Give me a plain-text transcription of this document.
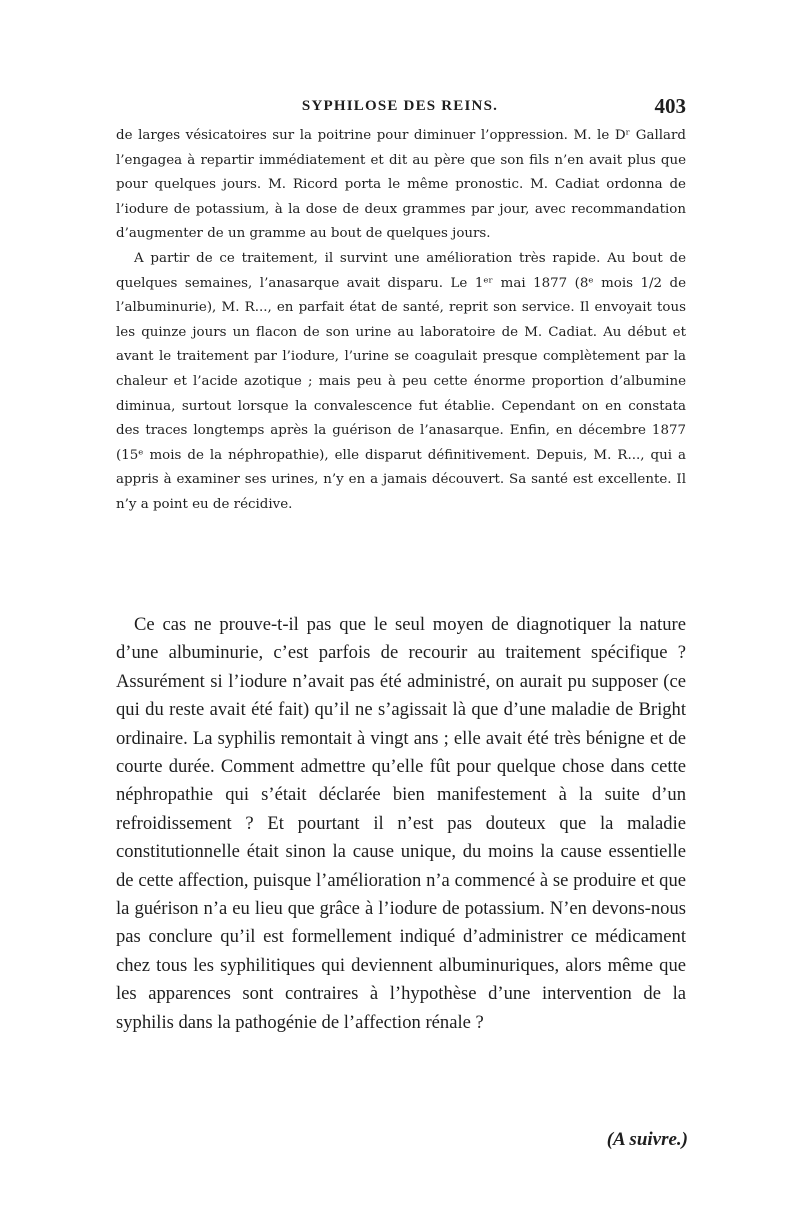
SYPHILOSE DES REINS.	403

de larges vésicatoires sur la poitrine pour diminuer l’oppression. M. le Dʳ Gallard l’engagea à repartir immédiatement et dit au père que son fils n’en avait plus que pour quelques jours. M. Ricord porta le même pronostic. M. Cadiat ordonna de l’iodure de potassium, à la dose de deux grammes par jour, avec recommandation d’augmenter de un gramme au bout de quelques jours.

A partir de ce traitement, il survint une amélioration très rapide. Au bout de quelques semaines, l’anasarque avait disparu. Le 1ᵉʳ mai 1877 (8ᵉ mois 1/2 de l’albuminurie), M. R..., en parfait état de santé, reprit son service. Il envoyait tous les quinze jours un flacon de son urine au laboratoire de M. Cadiat. Au début et avant le traitement par l’iodure, l’urine se coagulait presque complètement par la chaleur et l’acide azotique ; mais peu à peu cette énorme proportion d’albumine diminua, surtout lorsque la convalescence fut établie. Cependant on en constata des traces longtemps après la guérison de l’anasarque. Enfin, en décembre 1877 (15ᵉ mois de la néphropathie), elle disparut définitivement. Depuis, M. R..., qui a appris à examiner ses urines, n’y en a jamais découvert. Sa santé est excellente. Il n’y a point eu de récidive.

Ce cas ne prouve-t-il pas que le seul moyen de diagnotiquer la nature d’une albuminurie, c’est parfois de recourir au traitement spécifique ? Assurément si l’iodure n’avait pas été administré, on aurait pu supposer (ce qui du reste avait été fait) qu’il ne s’agissait là que d’une maladie de Bright ordinaire. La syphilis remontait à vingt ans ; elle avait été très bénigne et de courte durée. Comment admettre qu’elle fût pour quelque chose dans cette néphropathie qui s’était déclarée bien manifestement à la suite d’un refroidissement ? Et pourtant il n’est pas douteux que la maladie constitutionnelle était sinon la cause unique, du moins la cause essentielle de cette affection, puisque l’amélioration n’a commencé à se produire et que la guérison n’a eu lieu que grâce à l’iodure de potassium. N’en devons-nous pas conclure qu’il est formellement indiqué d’administrer ce médicament chez tous les syphilitiques qui deviennent albuminuriques, alors même que les apparences sont contraires à l’hypothèse d’une intervention de la syphilis dans la pathogénie de l’affection rénale ?

(A suivre.)
